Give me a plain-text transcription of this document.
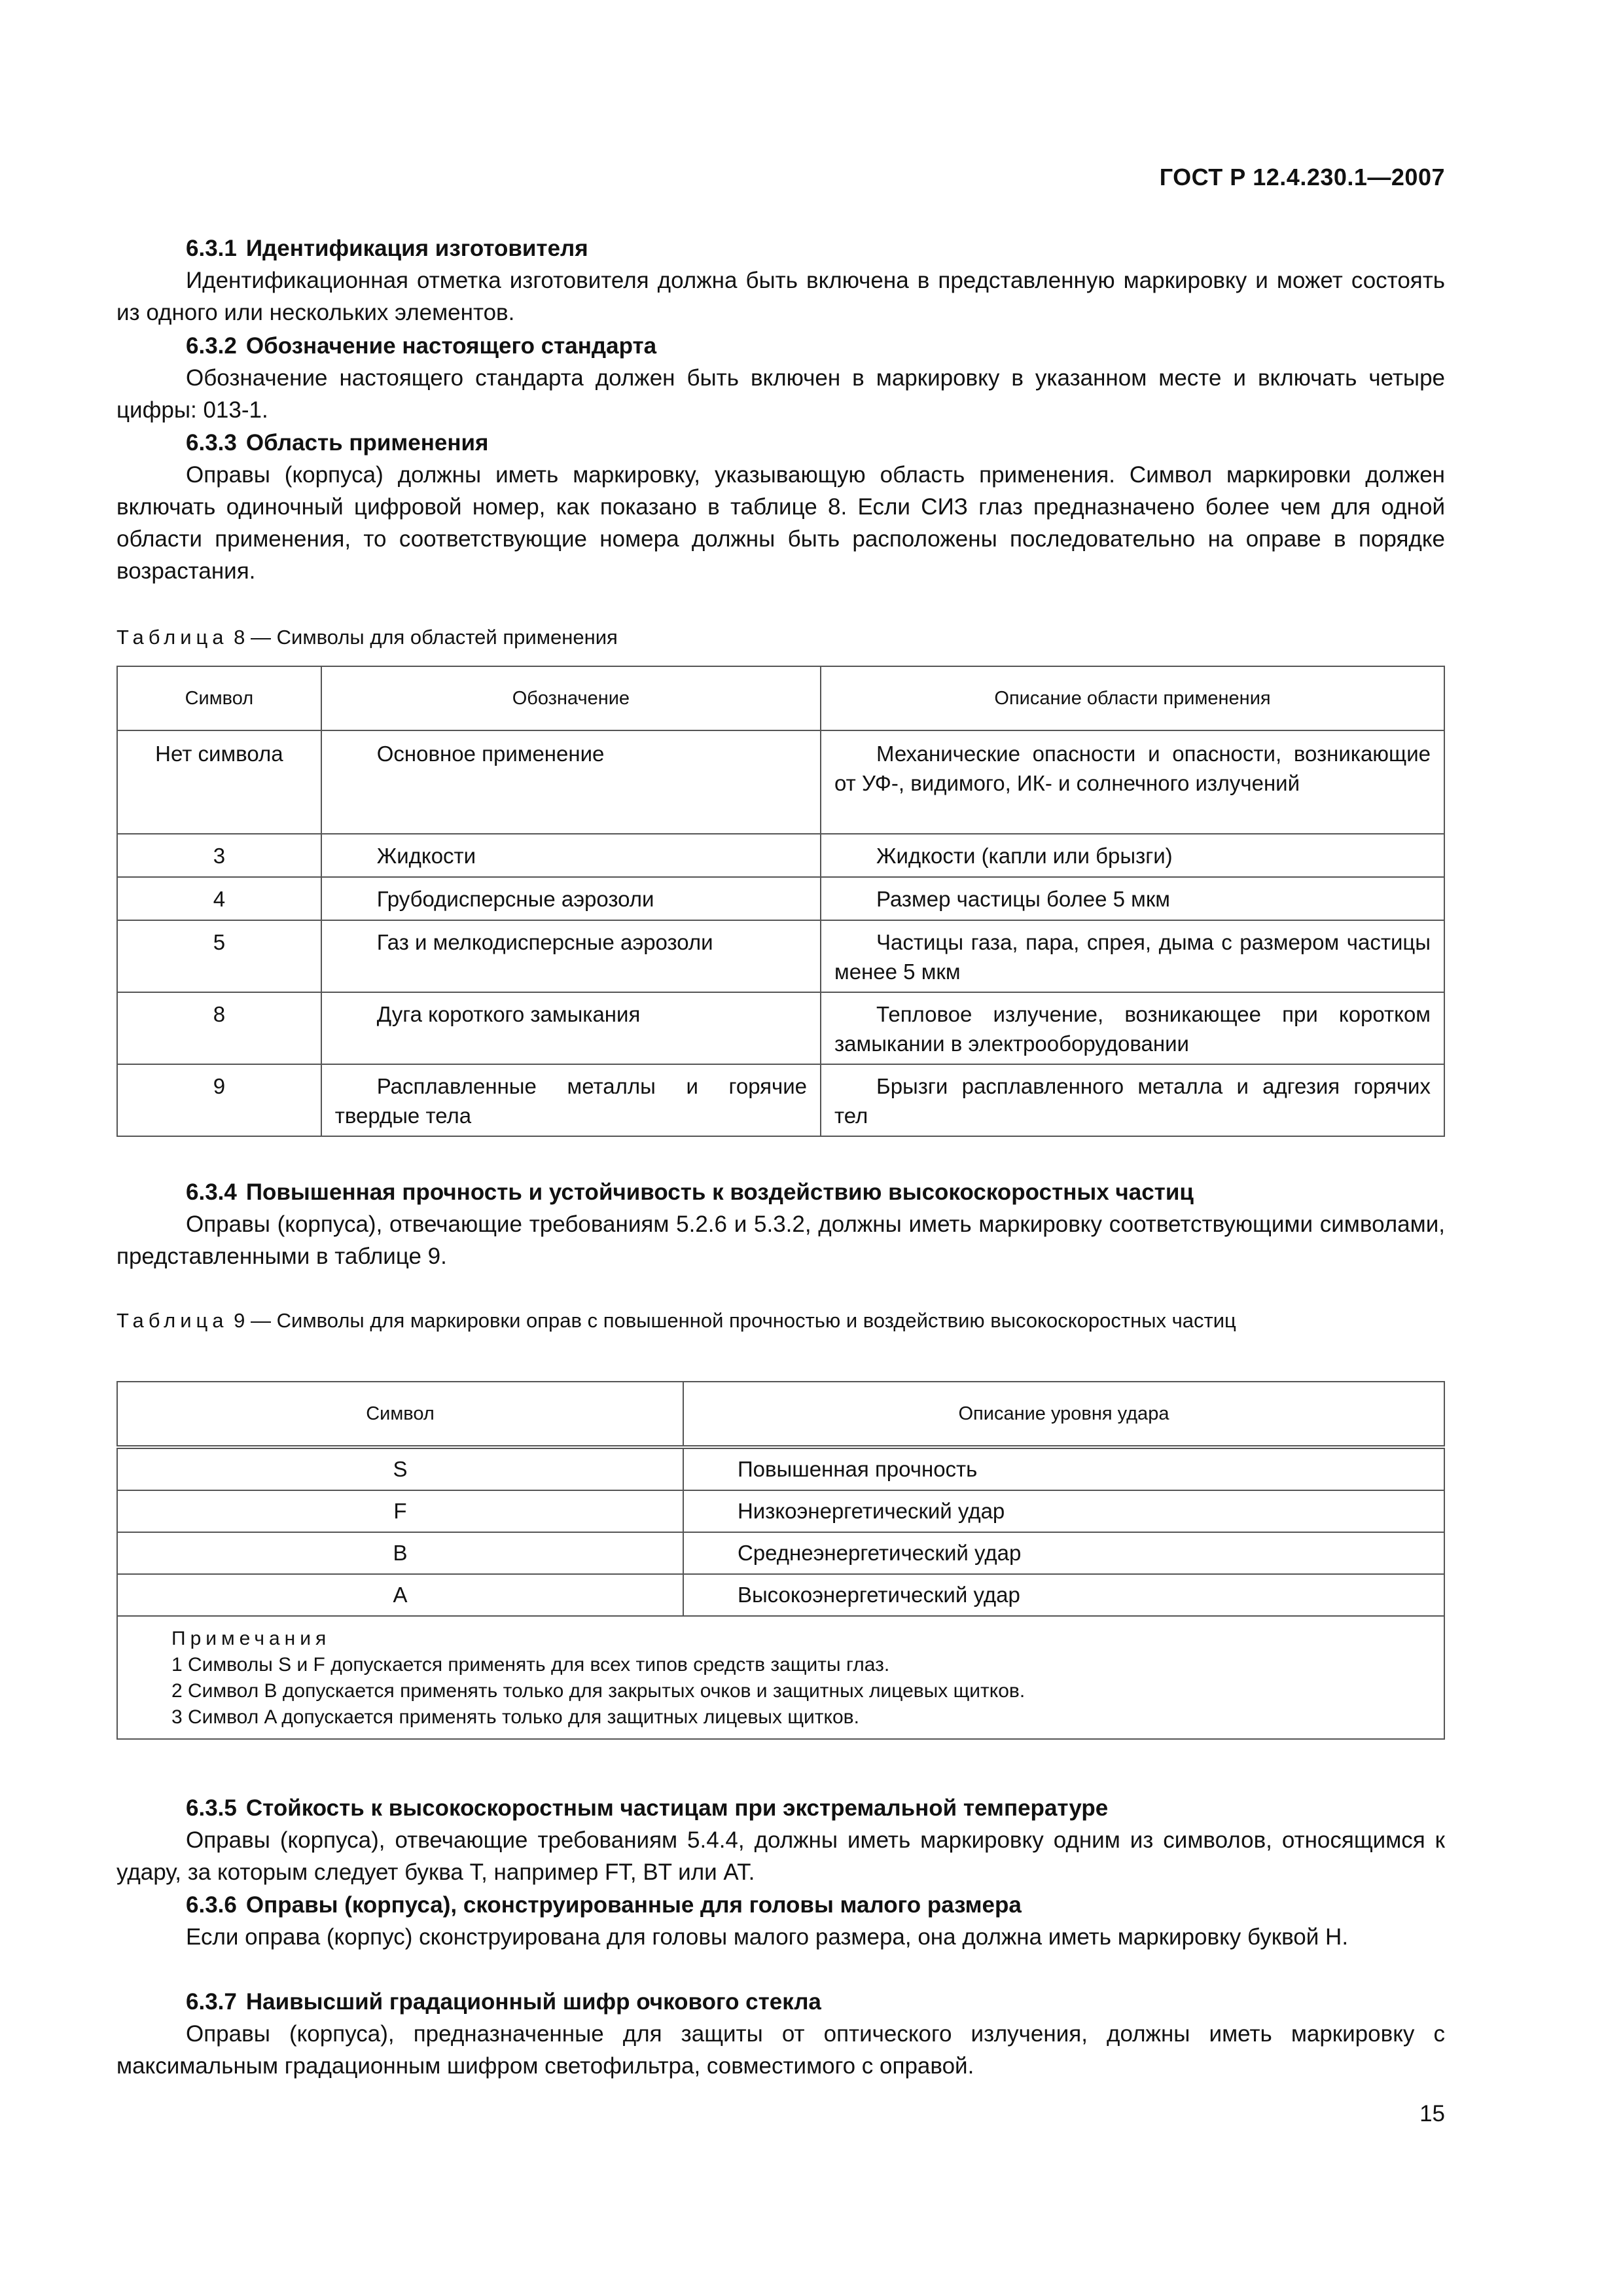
ГОСТ Р 12.4.230.1—2007

6.3.1 Идентификация изготовителя

Идентификационная отметка изготовителя должна быть включена в представленную маркировку и может состоять из одного или нескольких элементов.

6.3.2 Обозначение настоящего стандарта

Обозначение настоящего стандарта должен быть включен в маркировку в указанном месте и включать четыре цифры: 013-1.

6.3.3 Область применения

Оправы (корпуса) должны иметь маркировку, указывающую область применения. Символ маркировки должен включать одиночный цифровой номер, как показано в таблице 8. Если СИЗ глаз предназначено более чем для одной области применения, то соответствующие номера должны быть расположены последовательно на оправе в порядке возрастания.

Таблица 8 — Символы для областей применения

Символ	Обозначение	Описание области применения
Нет символа	Основное применение	Механические опасности и опасности, возникающие от УФ-, видимого, ИК- и солнечного излучений
3	Жидкости	Жидкости (капли или брызги)
4	Грубодисперсные аэрозоли	Размер частицы более 5 мкм
5	Газ и мелкодисперсные аэрозоли	Частицы газа, пара, спрея, дыма с размером частицы менее 5 мкм
8	Дуга короткого замыкания	Тепловое излучение, возникающее при коротком замыкании в электрооборудовании
9	Расплавленные металлы и горячие твердые тела	Брызги расплавленного металла и адгезия горячих тел

6.3.4 Повышенная прочность и устойчивость к воздействию высокоскоростных частиц

Оправы (корпуса), отвечающие требованиям 5.2.6 и 5.3.2, должны иметь маркировку соответствующими символами, представленными в таблице 9.

Таблица 9 — Символы для маркировки оправ с повышенной прочностью и воздействию высокоскоростных частиц

Символ	Описание уровня удара
S	Повышенная прочность
F	Низкоэнергетический удар
B	Среднеэнергетический удар
A	Высокоэнергетический удар

Примечания
1 Символы S и F допускается применять для всех типов средств защиты глаз.
2 Символ B допускается применять только для закрытых очков и защитных лицевых щитков.
3 Символ A допускается применять только для защитных лицевых щитков.	

6.3.5 Стойкость к высокоскоростным частицам при экстремальной температуре

Оправы (корпуса), отвечающие требованиям 5.4.4, должны иметь маркировку одним из символов, относящимся к удару, за которым следует буква Т, например FT, BT или AT.

6.3.6 Оправы (корпуса), сконструированные для головы малого размера

Если оправа (корпус) сконструирована для головы малого размера, она должна иметь маркировку буквой Н.

6.3.7 Наивысший градационный шифр очкового стекла

Оправы (корпуса), предназначенные для защиты от оптического излучения, должны иметь маркировку с максимальным градационным шифром светофильтра, совместимого с оправой.

15
